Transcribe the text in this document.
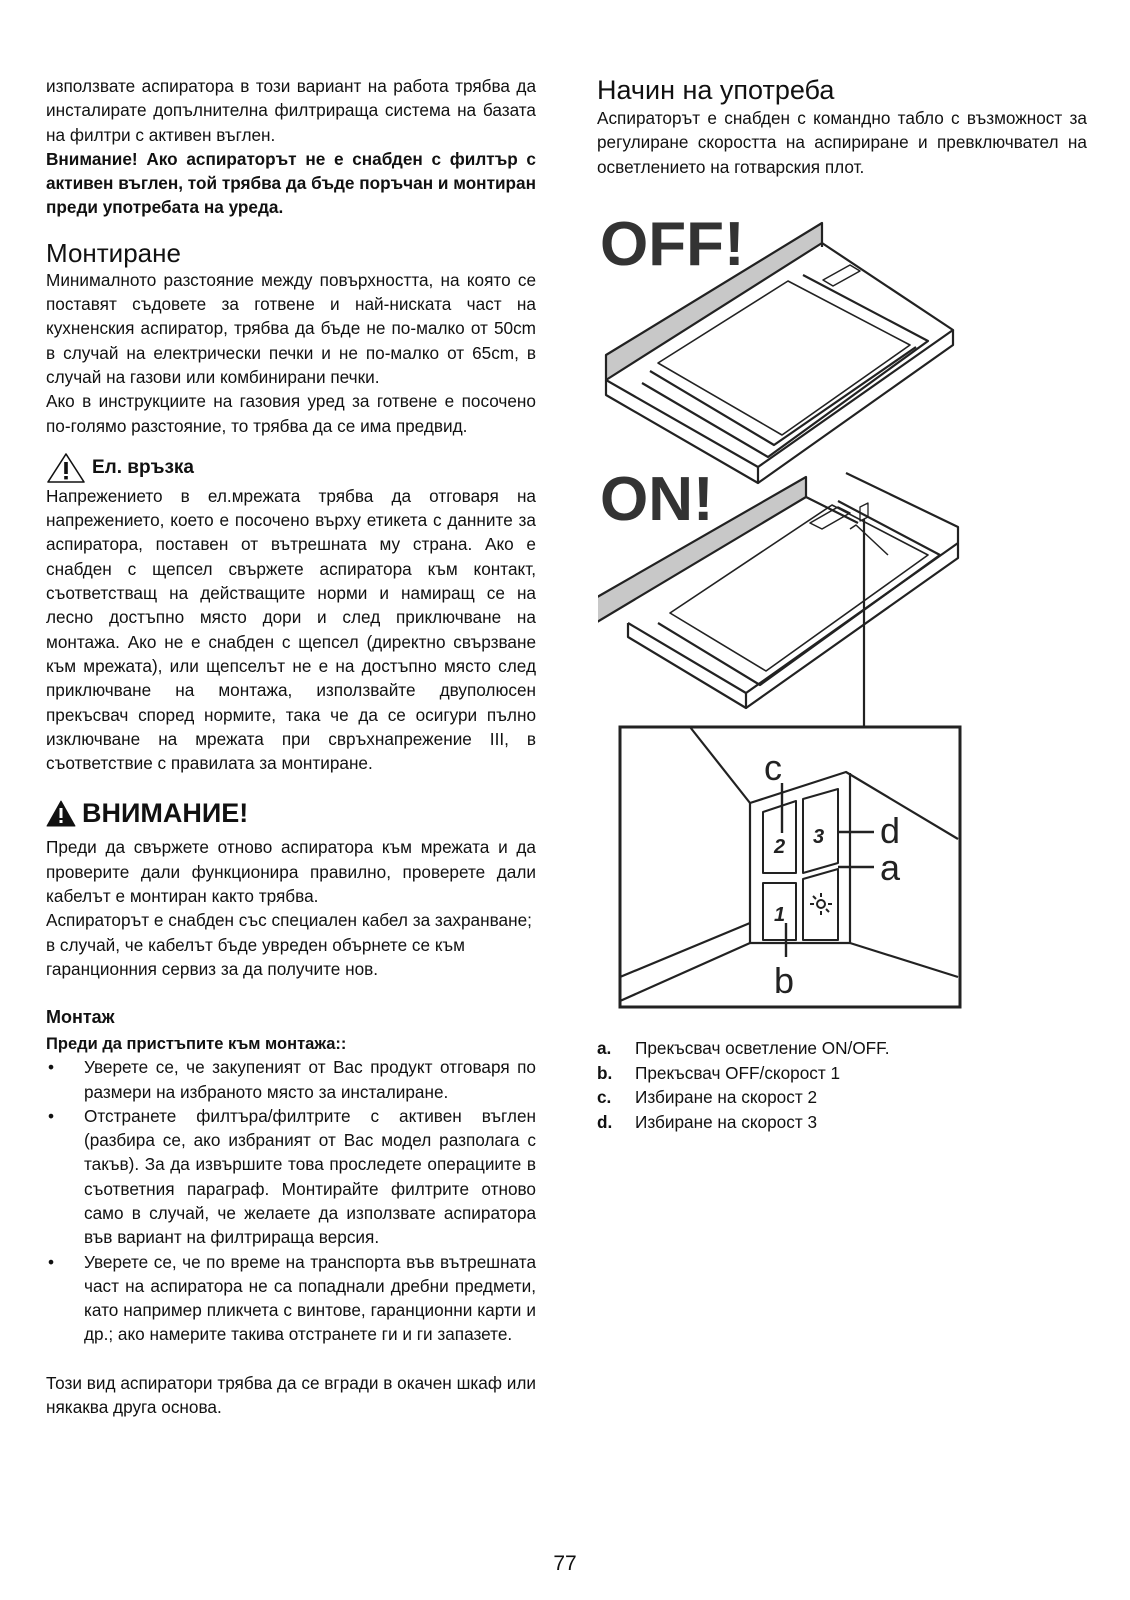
използвате аспиратора в този вариант на работа трябва да инсталирате допълнителна филтрираща система на базата на филтри с активен въглен.

Внимание! Ако аспираторът не е снабден с филтър с активен въглен, той трябва да бъде поръчан и монтиран преди употребата на уреда.

Монтиране

Минималното разстояние между повърхността, на която се поставят съдовете за готвене и най-ниската част на кухненския аспиратор, трябва да бъде не по-малко от 50cm в случай на електрически печки и не по-малко от 65cm, в случай на газови или комбинирани печки.

Ако в инструкциите на газовия уред за готвене е посочено по-голямо разстояние, то трябва да се има предвид.

Ел. връзка

Напрежението в ел.мрежата трябва да отговаря на напрежението, което е посочено върху етикета с данните за аспиратора, поставен от вътрешната му страна. Ако е снабден с щепсел свържете аспиратора към контакт, съответстващ на действащите норми и намиращ се на лесно достъпно място дори и след приключване на монтажа. Ако не е снабден с щепсел (директно свързване към мрежата), или щепселът не е на достъпно място след приключване на монтажа, използвайте двуполюсен прекъсвач според нормите, така че да се осигури пълно изключване на мрежата при свръхнапрежение III, в съответствие с правилата за монтиране.

ВНИМАНИЕ!

Преди да свържете отново аспиратора към мрежата и да проверите дали функционира правилно, проверете дали кабелът е монтиран както трябва.

Аспираторът е снабден със специален кабел за захранване; в случай, че кабелът бъде увреден обърнете се към гаранционния сервиз за да получите нов.

Монтаж
Преди да пристъпите към монтажа::
• Уверете се, че закупеният от Вас продукт отговаря по размери на избраното място за инсталиране.
• Отстранете филтъра/филтрите с активен въглен (разбира се, ако избраният от Вас модел разполага с такъв). За да извършите това проследете операциите в съответния параграф. Монтирайте филтрите отново само в случай, че желаете да използвате аспиратора във вариант на филтрираща версия.
• Уверете се, че по време на транспорта във вътрешната част на аспиратора не са попаднали дребни предмети, като например пликчета с винтове, гаранционни карти и др.; ако намерите такива отстранете ги и ги запазете.

Този вид аспиратори трябва да се вгради в окачен шкаф или някаква друга основа.

Начин на употреба

Аспираторът е снабден с командно табло с възможност за регулиране скоростта на аспириране и превключвател на осветлението на готварския плот.

OFF!
ON!
2 3
1
c
d
a
b
a.	Прекъсвач осветление ON/OFF.
b.	Прекъсвач OFF/скорост 1
c.	Избиране на скорост 2
d.	Избиране на скорост 3
77
